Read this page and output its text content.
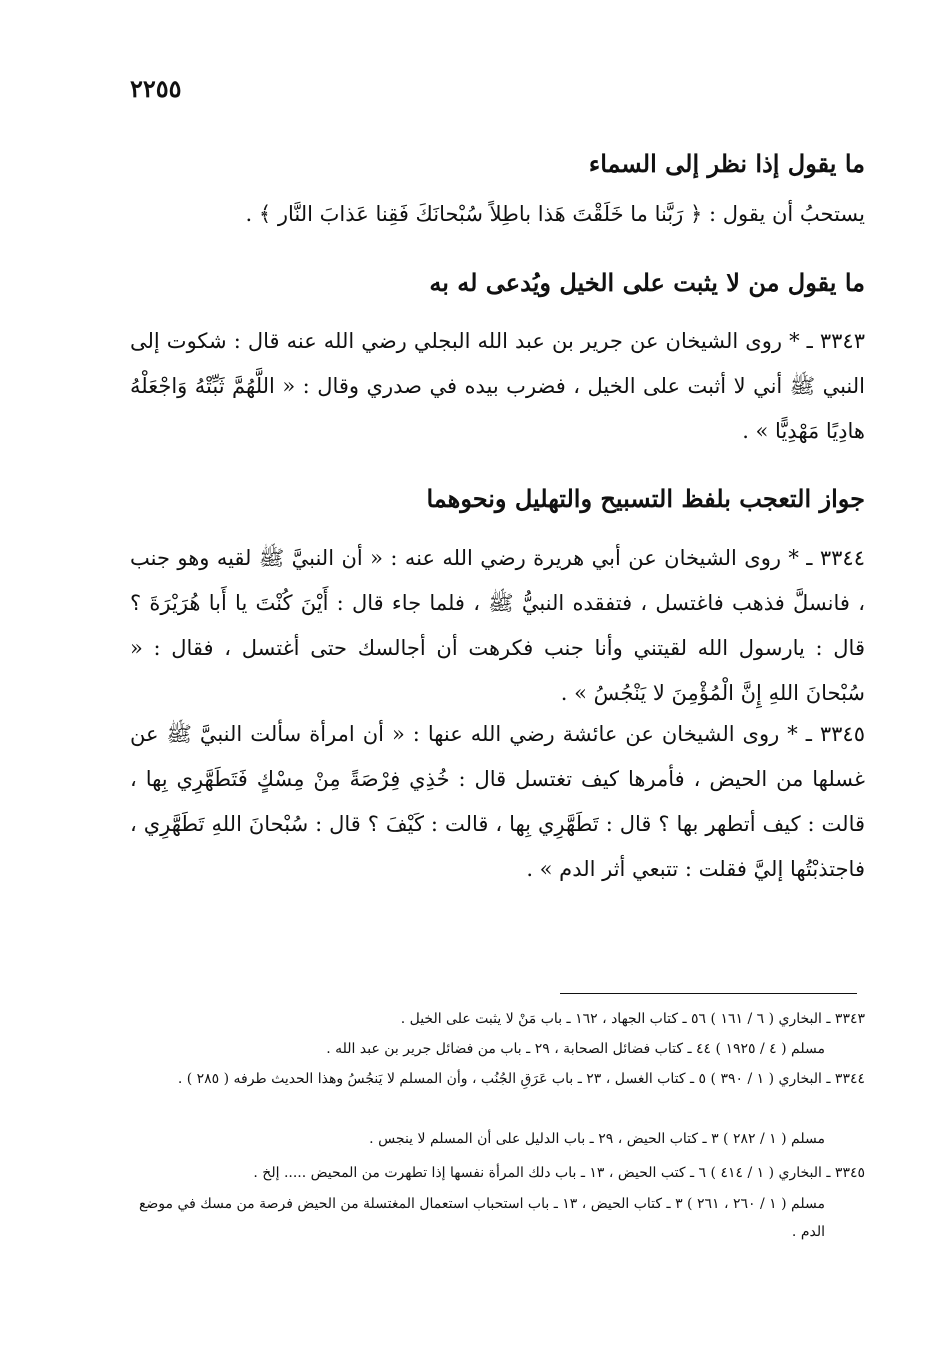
٢٢٥٥
ما يقول إذا نظر إلى السماء

يستحبُ أن يقول : ﴿ رَبَّنا ما خَلَقْتَ هَذا باطِلاً سُبْحانَكَ فَقِنا عَذابَ النَّار ﴾ .

ما يقول من لا يثبت على الخيل ويُدعى له به

٣٣٤٣ ـ * روى الشيخان عن جرير بن عبد الله البجلي رضي الله عنه قال : شكوت إلى النبي ﷺ أني لا أثبت على الخيل ، فضرب بيده في صدري وقال : « اللَّهُمَّ ثَبِّتْهُ وَاجْعَلْهُ هادِيًا مَهْدِيًّا » .

جواز التعجب بلفظ التسبيح والتهليل ونحوهما

٣٣٤٤ ـ * روى الشيخان عن أبي هريرة رضي الله عنه : « أن النبيَّ ﷺ لقيه وهو جنب ، فانسلَّ فذهب فاغتسل ، فتفقده النبيُّ ﷺ ، فلما جاء قال : أَيْنَ كُنْتَ يا أَبا هُرَيْرَةَ ؟ قال : يارسول الله لقيتني وأنا جنب فكرهت أن أجالسك حتى أغتسل ، فقال : « سُبْحانَ اللهِ إِنَّ الْمُؤْمِنَ لا يَنْجُسُ » .

٣٣٤٥ ـ * روى الشيخان عن عائشة رضي الله عنها : « أن امرأة سألت النبيَّ ﷺ عن غسلها من الحيض ، فأمرها كيف تغتسل قال : خُذِي فِرْصَةً مِنْ مِسْكٍ فَتَطَهَّرِي بِها ، قالت : كيف أتطهر بها ؟ قال : تَطَهَّرِي بِها ، قالت : كَيْفَ ؟ قال : سُبْحانَ اللهِ تَطَهَّرِي ، فاجتذبْتُها إليَّ فقلت : تتبعي أثر الدم » .

٣٣٤٣ ـ البخاري ( ٦ / ١٦١ ) ٥٦ ـ كتاب الجهاد ، ١٦٢ ـ باب مَنْ لا يثبت على الخيل .
مسلم ( ٤ / ١٩٢٥ ) ٤٤ ـ كتاب فضائل الصحابة ، ٢٩ ـ باب من فضائل جرير بن عبد الله .
٣٣٤٤ ـ البخاري ( ١ / ٣٩٠ ) ٥ ـ كتاب الغسل ، ٢٣ ـ باب عَرَقِ الجُنُب ، وأن المسلم لا يَنجُسُ وهذا الحديث طرفه ( ٢٨٥ ) .
مسلم ( ١ / ٢٨٢ ) ٣ ـ كتاب الحيض ، ٢٩ ـ باب الدليل على أن المسلم لا ينجس .
٣٣٤٥ ـ البخاري ( ١ / ٤١٤ ) ٦ ـ كتب الحيض ، ١٣ ـ باب دلك المرأة نفسها إذا تطهرت من المحيض ..... إلخ .
مسلم ( ١ / ٢٦٠ ، ٢٦١ ) ٣ ـ كتاب الحيض ، ١٣ ـ باب استحباب استعمال المغتسلة من الحيض فرصة من مسك في موضع الدم .
